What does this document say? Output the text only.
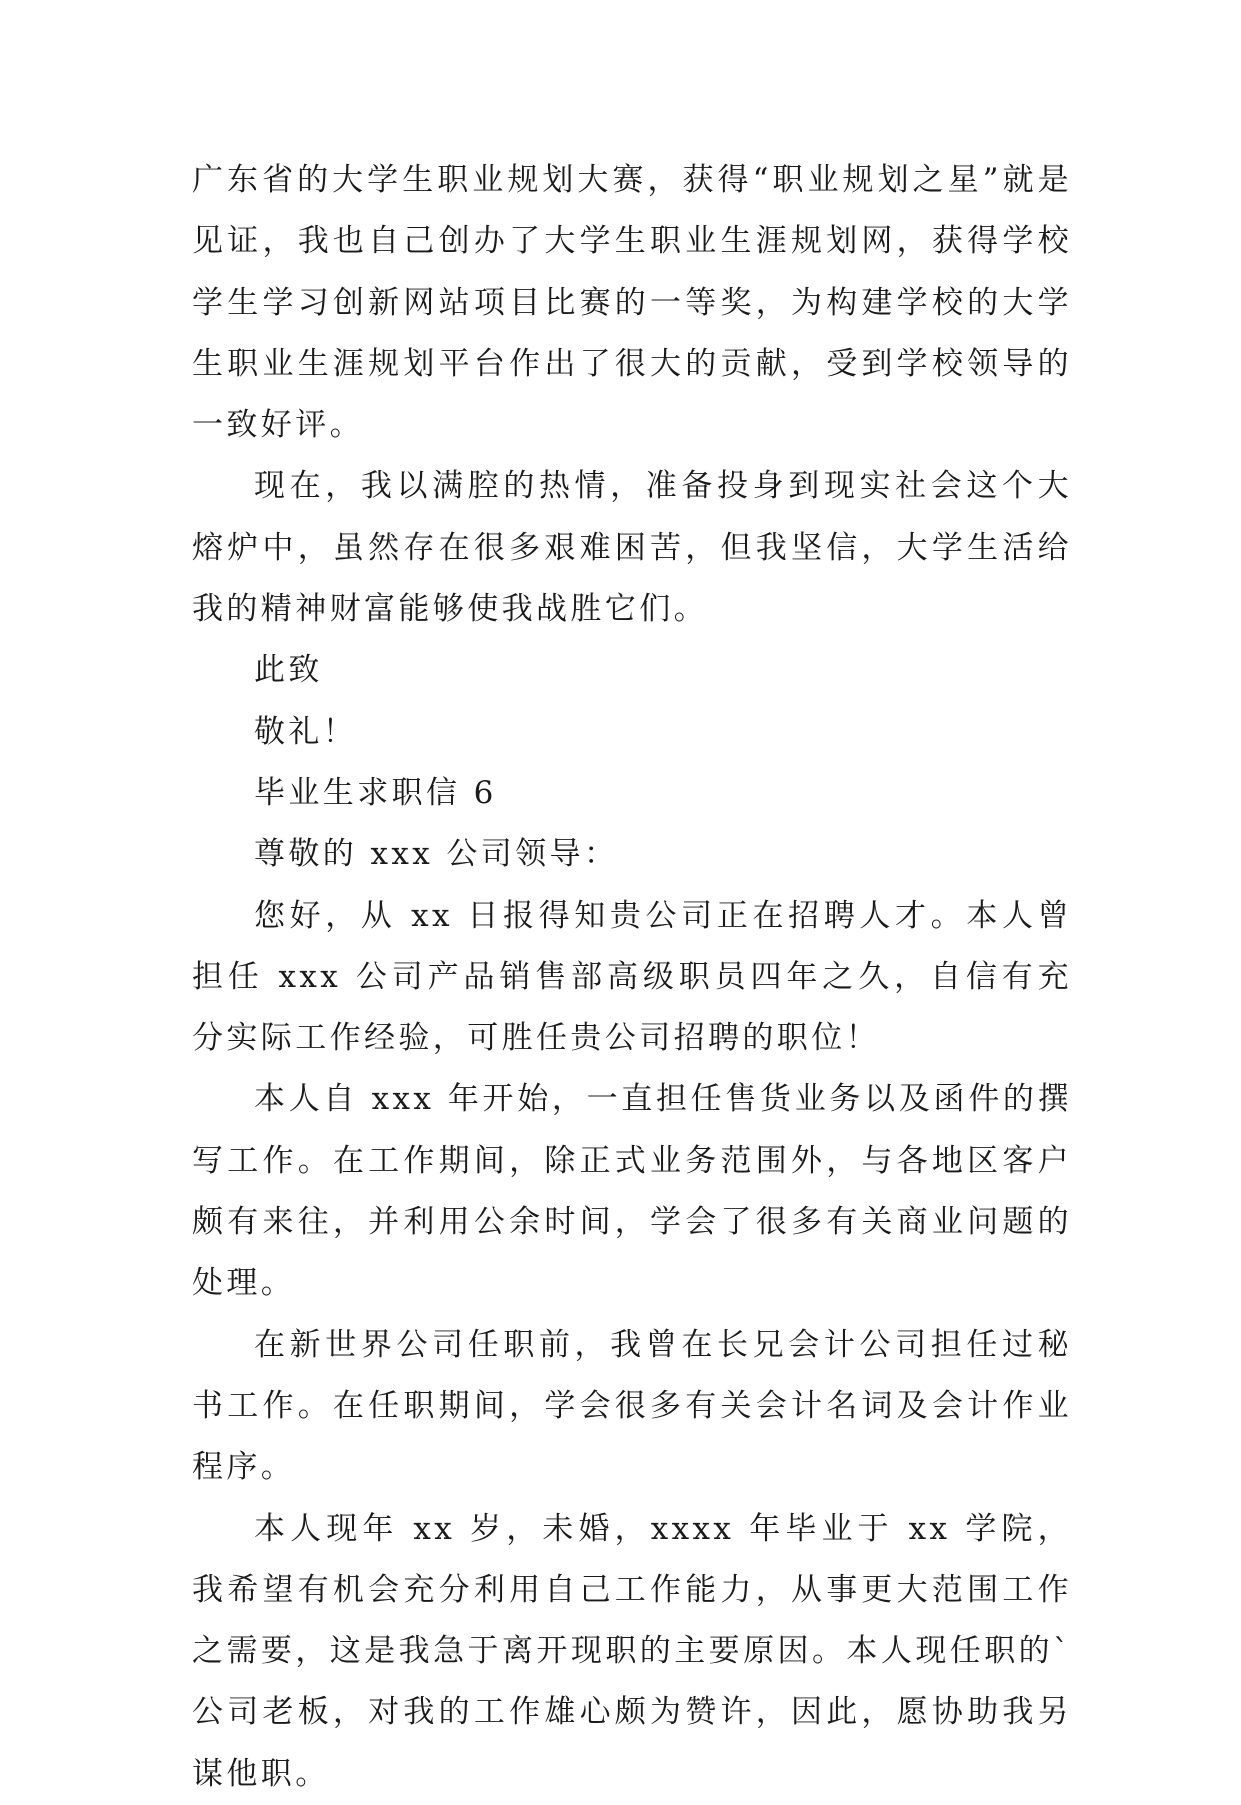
广东省的大学生职业规划大赛，获得“职业规划之星”就是见证，我也自己创办了大学生职业生涯规划网，获得学校学生学习创新网站项目比赛的一等奖，为构建学校的大学生职业生涯规划平台作出了很大的贡献，受到学校领导的一致好评。

现在，我以满腔的热情，准备投身到现实社会这个大熔炉中，虽然存在很多艰难困苦，但我坚信，大学生活给我的精神财富能够使我战胜它们。

此致

敬礼！

毕业生求职信 6

尊敬的 xxx 公司领导：

您好，从 xx 日报得知贵公司正在招聘人才。本人曾担任 xxx 公司产品销售部高级职员四年之久，自信有充分实际工作经验，可胜任贵公司招聘的职位！

本人自 xxx 年开始，一直担任售货业务以及函件的撰写工作。在工作期间，除正式业务范围外，与各地区客户颇有来往，并利用公余时间，学会了很多有关商业问题的处理。

在新世界公司任职前，我曾在长兄会计公司担任过秘书工作。在任职期间，学会很多有关会计名词及会计作业程序。

本人现年 xx 岁，未婚，xxxx 年毕业于 xx 学院，我希望有机会充分利用自己工作能力，从事更大范围工作之需要，这是我急于离开现职的主要原因。本人现任职的`公司老板，对我的工作雄心颇为赞许，因此，愿协助我另谋他职。
